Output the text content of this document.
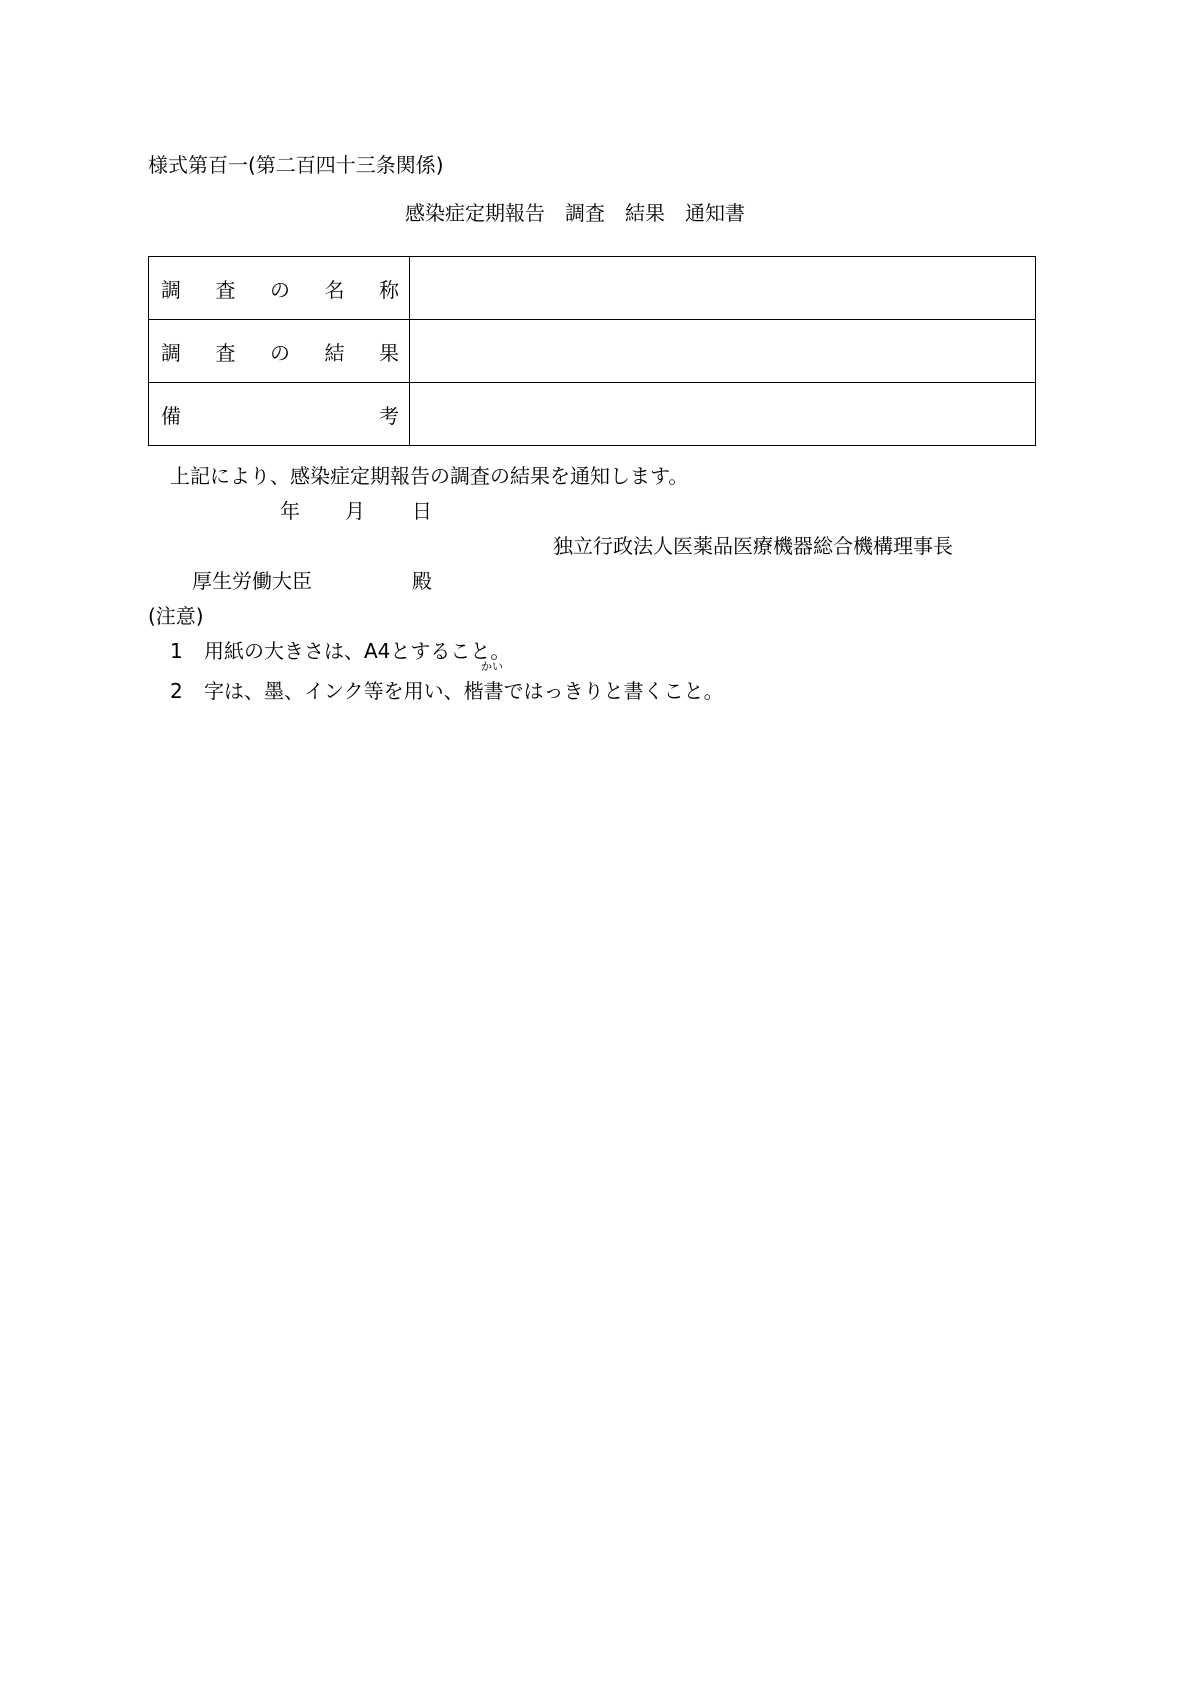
様式第百一(第二百四十三条関係)
感染症定期報告　調査　結果　通知書
調 査 の 名 称	

調 査 の 結 果	

備 考	

上記により、感染症定期報告の調査の結果を通知します。
年 月 日
独立行政法人医薬品医療機器総合機構理事長
厚生労働大臣	殿
(注意)
1 用紙の大きさは、A4とすること。
かい
2 字は、墨、インク等を用い、楷書ではっきりと書くこと。
